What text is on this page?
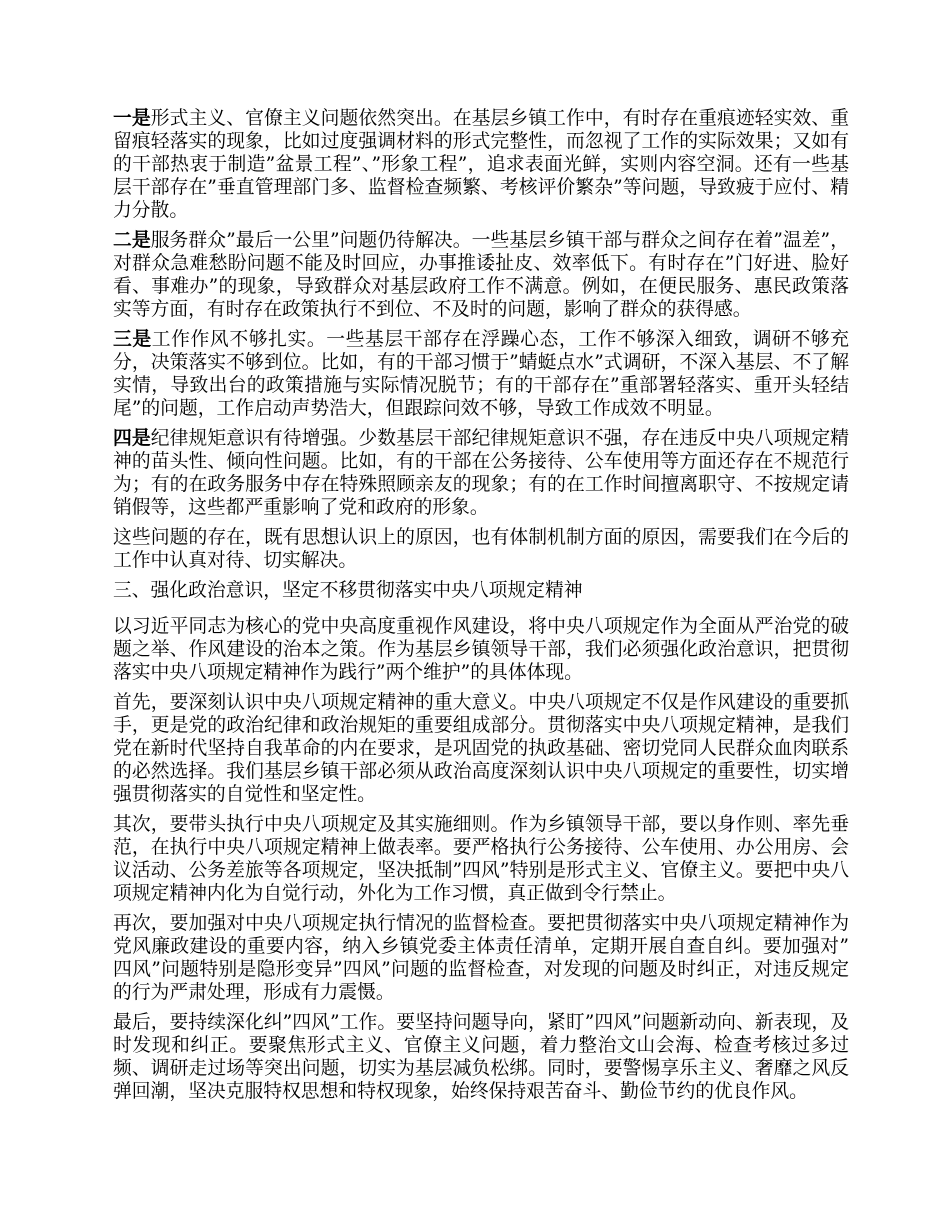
一是形式主义、官僚主义问题依然突出。在基层乡镇工作中，有时存在重痕迹轻实效、重留痕轻落实的现象，比如过度强调材料的形式完整性，而忽视了工作的实际效果；又如有的干部热衷于制造”盆景工程”、”形象工程”，追求表面光鲜，实则内容空洞。还有一些基层干部存在”垂直管理部门多、监督检查频繁、考核评价繁杂”等问题，导致疲于应付、精力分散。

二是服务群众”最后一公里”问题仍待解决。一些基层乡镇干部与群众之间存在着”温差”，对群众急难愁盼问题不能及时回应，办事推诿扯皮、效率低下。有时存在”门好进、脸好看、事难办”的现象，导致群众对基层政府工作不满意。例如，在便民服务、惠民政策落实等方面，有时存在政策执行不到位、不及时的问题，影响了群众的获得感。

三是工作作风不够扎实。一些基层干部存在浮躁心态，工作不够深入细致，调研不够充分，决策落实不够到位。比如，有的干部习惯于”蜻蜓点水”式调研，不深入基层、不了解实情，导致出台的政策措施与实际情况脱节；有的干部存在”重部署轻落实、重开头轻结尾”的问题，工作启动声势浩大，但跟踪问效不够，导致工作成效不明显。

四是纪律规矩意识有待增强。少数基层干部纪律规矩意识不强，存在违反中央八项规定精神的苗头性、倾向性问题。比如，有的干部在公务接待、公车使用等方面还存在不规范行为；有的在政务服务中存在特殊照顾亲友的现象；有的在工作时间擅离职守、不按规定请销假等，这些都严重影响了党和政府的形象。

这些问题的存在，既有思想认识上的原因，也有体制机制方面的原因，需要我们在今后的工作中认真对待、切实解决。

三、强化政治意识，坚定不移贯彻落实中央八项规定精神

以习近平同志为核心的党中央高度重视作风建设，将中央八项规定作为全面从严治党的破题之举、作风建设的治本之策。作为基层乡镇领导干部，我们必须强化政治意识，把贯彻落实中央八项规定精神作为践行”两个维护”的具体体现。

首先，要深刻认识中央八项规定精神的重大意义。中央八项规定不仅是作风建设的重要抓手，更是党的政治纪律和政治规矩的重要组成部分。贯彻落实中央八项规定精神，是我们党在新时代坚持自我革命的内在要求，是巩固党的执政基础、密切党同人民群众血肉联系的必然选择。我们基层乡镇干部必须从政治高度深刻认识中央八项规定的重要性，切实增强贯彻落实的自觉性和坚定性。

其次，要带头执行中央八项规定及其实施细则。作为乡镇领导干部，要以身作则、率先垂范，在执行中央八项规定精神上做表率。要严格执行公务接待、公车使用、办公用房、会议活动、公务差旅等各项规定，坚决抵制”四风”特别是形式主义、官僚主义。要把中央八项规定精神内化为自觉行动，外化为工作习惯，真正做到令行禁止。

再次，要加强对中央八项规定执行情况的监督检查。要把贯彻落实中央八项规定精神作为党风廉政建设的重要内容，纳入乡镇党委主体责任清单，定期开展自查自纠。要加强对”四风”问题特别是隐形变异”四风”问题的监督检查，对发现的问题及时纠正，对违反规定的行为严肃处理，形成有力震慑。

最后，要持续深化纠”四风”工作。要坚持问题导向，紧盯”四风”问题新动向、新表现，及时发现和纠正。要聚焦形式主义、官僚主义问题，着力整治文山会海、检查考核过多过频、调研走过场等突出问题，切实为基层减负松绑。同时，要警惕享乐主义、奢靡之风反弹回潮，坚决克服特权思想和特权现象，始终保持艰苦奋斗、勤俭节约的优良作风。
